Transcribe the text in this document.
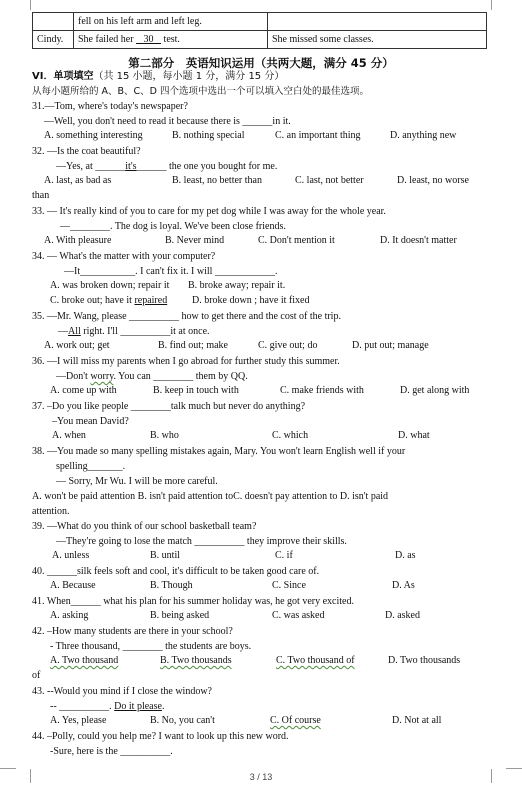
	fell on his left arm and left leg.	
Cindy.	She failed her 30 test.	She missed some classes.
第二部分　英语知识运用（共两大题，满分 45 分）
VI．单项填空（共 15 小题，每小题 1 分，满分 15 分）
从每小题所给的 A、B、C、D 四个选项中选出一个可以填入空白处的最佳选项。
31.—Tom, where's today's newspaper?
—Well, you don't need to read it because there is ______in it.
A. something interesting	B. nothing special	C. an important thing	D. anything new
32. —Is the coat beautiful?
—Yes, at ______it's______ the one you bought for me.
A. last, as bad as	B. least, no better than	C. last, not better	D. least, no worse
than
33. — It's really kind of you to care for my pet dog while I was away for the whole year.
—________. The dog is loyal. We've been close friends.
A. With pleasure	B. Never mind	C. Don't mention it	D. It doesn't matter
34. — What's the matter with your computer?
—It___________. I can't fix it. I will ____________.
A. was broken down; repair it B. broke away; repair it.
C. broke out; have it repaired D. broke down ; have it fixed
35. —Mr. Wang, please __________ how to get there and the cost of the trip.
—All right. I'll __________it at once.
A. work out; get	B. find out; make	C. give out; do	D. put out; manage
36. —I will miss my parents when I go abroad for further study this summer.
—Don't worry. You can ________ them by QQ.
A. come up with	B. keep in touch with	C. make friends with	D. get along with
37. –Do you like people ________talk much but never do anything?
–You mean David?
A. when	B. who	C. which	D. what
38. —You made so many spelling mistakes again, Mary. You won't learn English well if your
spelling_______.
— Sorry, Mr Wu. I will be more careful.
A. won't be paid attention B. isn't paid attention toC. doesn't pay attention to D. isn't paid
attention.
39. —What do you think of our school basketball team?
—They're going to lose the match __________ they improve their skills.
A. unless	B. until	C. if	D. as
40. ______silk feels soft and cool, it's difficult to be taken good care of.
A. Because	B. Though	C. Since	D. As
41. When______ what his plan for his summer holiday was, he got very excited.
A. asking	B. being asked	C. was asked	D. asked
42. –How many students are there in your school?
- Three thousand, ________ the students are boys.
A. Two thousand	B. Two thousands	C. Two thousand of	D. Two thousands
of
43. --Would you mind if I close the window?
-- __________. Do it please.
A. Yes, please	B. No, you can't	C. Of course	D. Not at all
44. –Polly, could you help me? I want to look up this new word.
-Sure, here is the __________.
3 / 13
